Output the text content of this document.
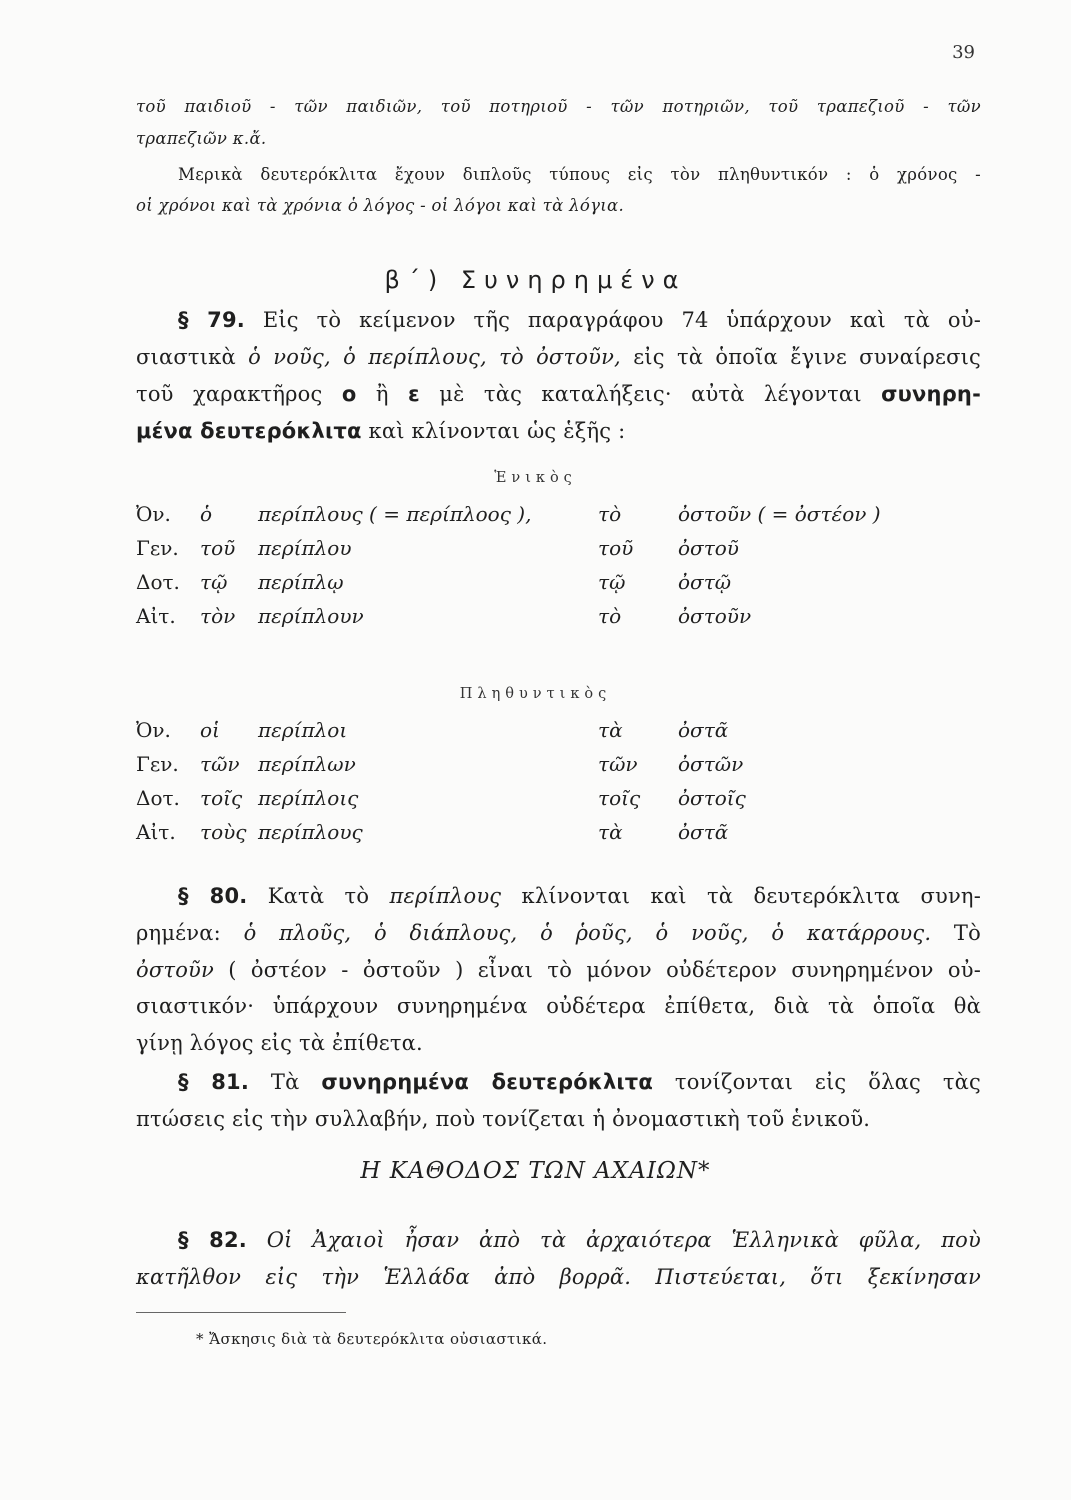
39
τοῦ παιδιοῦ - τῶν παιδιῶν, τοῦ ποτηριοῦ - τῶν ποτηριῶν, τοῦ τραπεζιοῦ - τῶν
τραπεζιῶν κ.ἄ.
Μερικὰ δευτερόκλιτα ἔχουν διπλοῦς τύπους εἰς τὸν πληθυντικόν : ὁ χρόνος -
οἱ χρόνοι καὶ τὰ χρόνια ὁ λόγος - οἱ λόγοι καὶ τὰ λόγια.
β΄) Συνηρημένα
§ 79. Εἰς τὸ κείμενον τῆς παραγράφου 74 ὑπάρχουν καὶ τὰ οὐ-
σιαστικὰ ὁ νοῦς, ὁ περίπλους, τὸ ὀστοῦν, εἰς τὰ ὁποῖα ἔγινε συναίρεσις
τοῦ χαρακτῆρος ο ἢ ε μὲ τὰς καταλήξεις· αὐτὰ λέγονται συνηρη-
μένα δευτερόκλιτα καὶ κλίνονται ὡς ἑξῆς :
Ἑνικὸς
Ὀν.	ὁ	περίπλους ( = περίπλοος ),	τὸ	ὀστοῦν ( = ὀστέον )
Γεν.	τοῦ	περίπλου	τοῦ	ὀστοῦ
Δοτ.	τῷ	περίπλῳ	τῷ	ὀστῷ
Αἰτ.	τὸν	περίπλουν	τὸ	ὀστοῦν
Πληθυντικὸς
Ὀν.	οἱ	περίπλοι	τὰ	ὀστᾶ
Γεν.	τῶν	περίπλων	τῶν	ὀστῶν
Δοτ.	τοῖς	περίπλοις	τοῖς	ὀστοῖς
Αἰτ.	τοὺς	περίπλους	τὰ	ὀστᾶ
§ 80. Κατὰ τὸ περίπλους κλίνονται καὶ τὰ δευτερόκλιτα συνη-
ρημένα: ὁ πλοῦς, ὁ διάπλους, ὁ ῥοῦς, ὁ νοῦς, ὁ κατάρρους. Τὸ
ὀστοῦν ( ὀστέον - ὀστοῦν ) εἶναι τὸ μόνον οὐδέτερον συνηρημένον οὐ-
σιαστικόν· ὑπάρχουν συνηρημένα οὐδέτερα ἐπίθετα, διὰ τὰ ὁποῖα θὰ
γίνῃ λόγος εἰς τὰ ἐπίθετα.
§ 81. Τὰ συνηρημένα δευτερόκλιτα τονίζονται εἰς ὅλας τὰς
πτώσεις εἰς τὴν συλλαβήν, ποὺ τονίζεται ἡ ὀνομαστικὴ τοῦ ἑνικοῦ.
Η ΚΑΘΟΔΟΣ ΤΩΝ ΑΧΑΙΩΝ*
§ 82. Οἱ Ἀχαιοὶ ἦσαν ἀπὸ τὰ ἀρχαιότερα Ἑλληνικὰ φῦλα, ποὺ
κατῆλθον εἰς τὴν Ἑλλάδα ἀπὸ βορρᾶ. Πιστεύεται, ὅτι ξεκίνησαν
* Ἄσκησις διὰ τὰ δευτερόκλιτα οὐσιαστικά.
